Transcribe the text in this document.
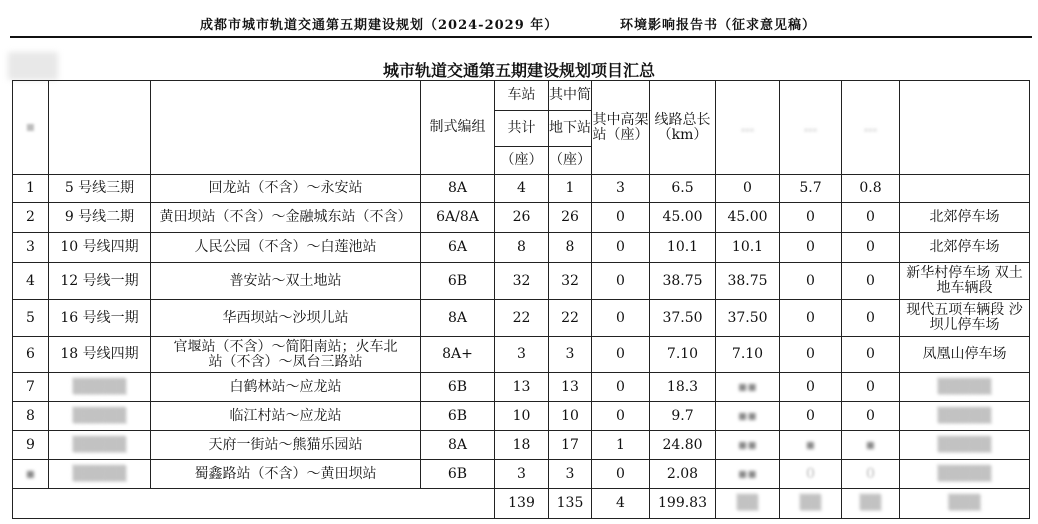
成都市城市轨道交通第五期建设规划（2024-2029 年）	环境影响报告书（征求意见稿）
城市轨道交通第五期建设规划项目汇总
▪			制式编组	车站	其中简	其中高架站（座）	线路总长（km）	...	...	...	
				共计	地下站						
				（座）	（座）						
1	5 号线三期	回龙站（不含）～永安站	8A	4	1	3	6.5	0	5.7	0.8	
2	9 号线二期	黄田坝站（不含）～金融城东站（不含）	6A/8A	26	26	0	45.00	45.00	0	0	北郊停车场
3	10 号线四期	人民公园（不含）～白莲池站	6A	8	8	0	10.1	10.1	0	0	北郊停车场
4	12 号线一期	普安站～双土地站	6B	32	32	0	38.75	38.75	0	0	新华村停车场 双土地车辆段
5	16 号线一期	华西坝站～沙坝儿站	8A	22	22	0	37.50	37.50	0	0	现代五项车辆段 沙坝儿停车场
6	18 号线四期	官堰站（不含）～简阳南站；火车北站（不含）～凤台三路站	8A+	3	3	0	7.10	7.10	0	0	凤凰山停车场
7	▒▒▒▒▒	白鹤林站～应龙站	6B	13	13	0	18.3	▪▪	0	0	▒▒▒▒▒
8	▒▒▒▒▒	临江村站～应龙站	6B	10	10	0	9.7	▪▪	0	0	▒▒▒▒▒
9	▒▒▒▒▒	天府一街站～熊猫乐园站	8A	18	17	1	24.80	▪▪	▪	▪	▒▒▒▒▒
▪	▒▒▒▒▒	蜀鑫路站（不含）～黄田坝站	6B	3	3	0	2.08	▪▪	0	0	▒▒▒▒▒
				139	135	4	199.83	▒▒	▒▒	▒▒	▒▒▒
